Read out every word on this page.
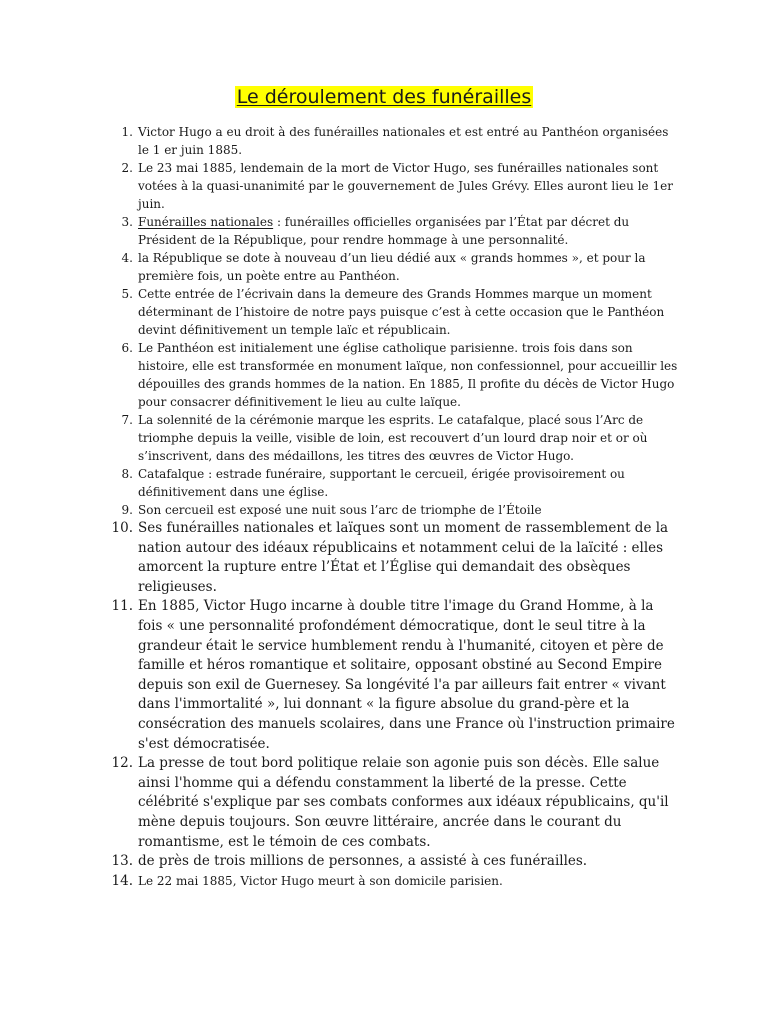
Le déroulement des funérailles
1. Victor Hugo a eu droit à des funérailles nationales et est entré au Panthéon organisées le 1 er juin 1885.
2. Le 23 mai 1885, lendemain de la mort de Victor Hugo, ses funérailles nationales sont votées à la quasi-unanimité par le gouvernement de Jules Grévy. Elles auront lieu le 1er juin.
3. Funérailles nationales : funérailles officielles organisées par l’État par décret du Président de la République, pour rendre hommage à une personnalité.
4. la République se dote à nouveau d’un lieu dédié aux « grands hommes », et pour la première fois, un poète entre au Panthéon.
5. Cette entrée de l’écrivain dans la demeure des Grands Hommes marque un moment déterminant de l’histoire de notre pays puisque c’est à cette occasion que le Panthéon devint définitivement un temple laïc et républicain.
6. Le Panthéon est initialement une église catholique parisienne. trois fois dans son histoire, elle est transformée en monument laïque, non confessionnel, pour accueillir les dépouilles des grands hommes de la nation. En 1885, Il profite du décès de Victor Hugo pour consacrer définitivement le lieu au culte laïque.
7. La solennité de la cérémonie marque les esprits. Le catafalque, placé sous l’Arc de triomphe depuis la veille, visible de loin, est recouvert d’un lourd drap noir et or où s’inscrivent, dans des médaillons, les titres des œuvres de Victor Hugo.
8. Catafalque : estrade funéraire, supportant le cercueil, érigée provisoirement ou définitivement dans une église.
9. Son cercueil est exposé une nuit sous l’arc de triomphe de l’Étoile
10. Ses funérailles nationales et laïques sont un moment de rassemblement de la nation autour des idéaux républicains et notamment celui de la laïcité : elles amorcent la rupture entre l’État et l’Église qui demandait des obsèques religieuses.
11. En 1885, Victor Hugo incarne à double titre l'image du Grand Homme, à la fois « une personnalité profondément démocratique, dont le seul titre à la grandeur était le service humblement rendu à l'humanité, citoyen et père de famille et héros romantique et solitaire, opposant obstiné au Second Empire depuis son exil de Guernesey. Sa longévité l'a par ailleurs fait entrer « vivant dans l'immortalité », lui donnant « la figure absolue du grand-père et la consécration des manuels scolaires, dans une France où l'instruction primaire s'est démocratisée.
12. La presse de tout bord politique relaie son agonie puis son décès. Elle salue ainsi l'homme qui a défendu constamment la liberté de la presse. Cette célébrité s'explique par ses combats conformes aux idéaux républicains, qu'il mène depuis toujours. Son œuvre littéraire, ancrée dans le courant du romantisme, est le témoin de ces combats.
13. de près de trois millions de personnes, a assisté à ces funérailles.
14. Le 22 mai 1885, Victor Hugo meurt à son domicile parisien.
